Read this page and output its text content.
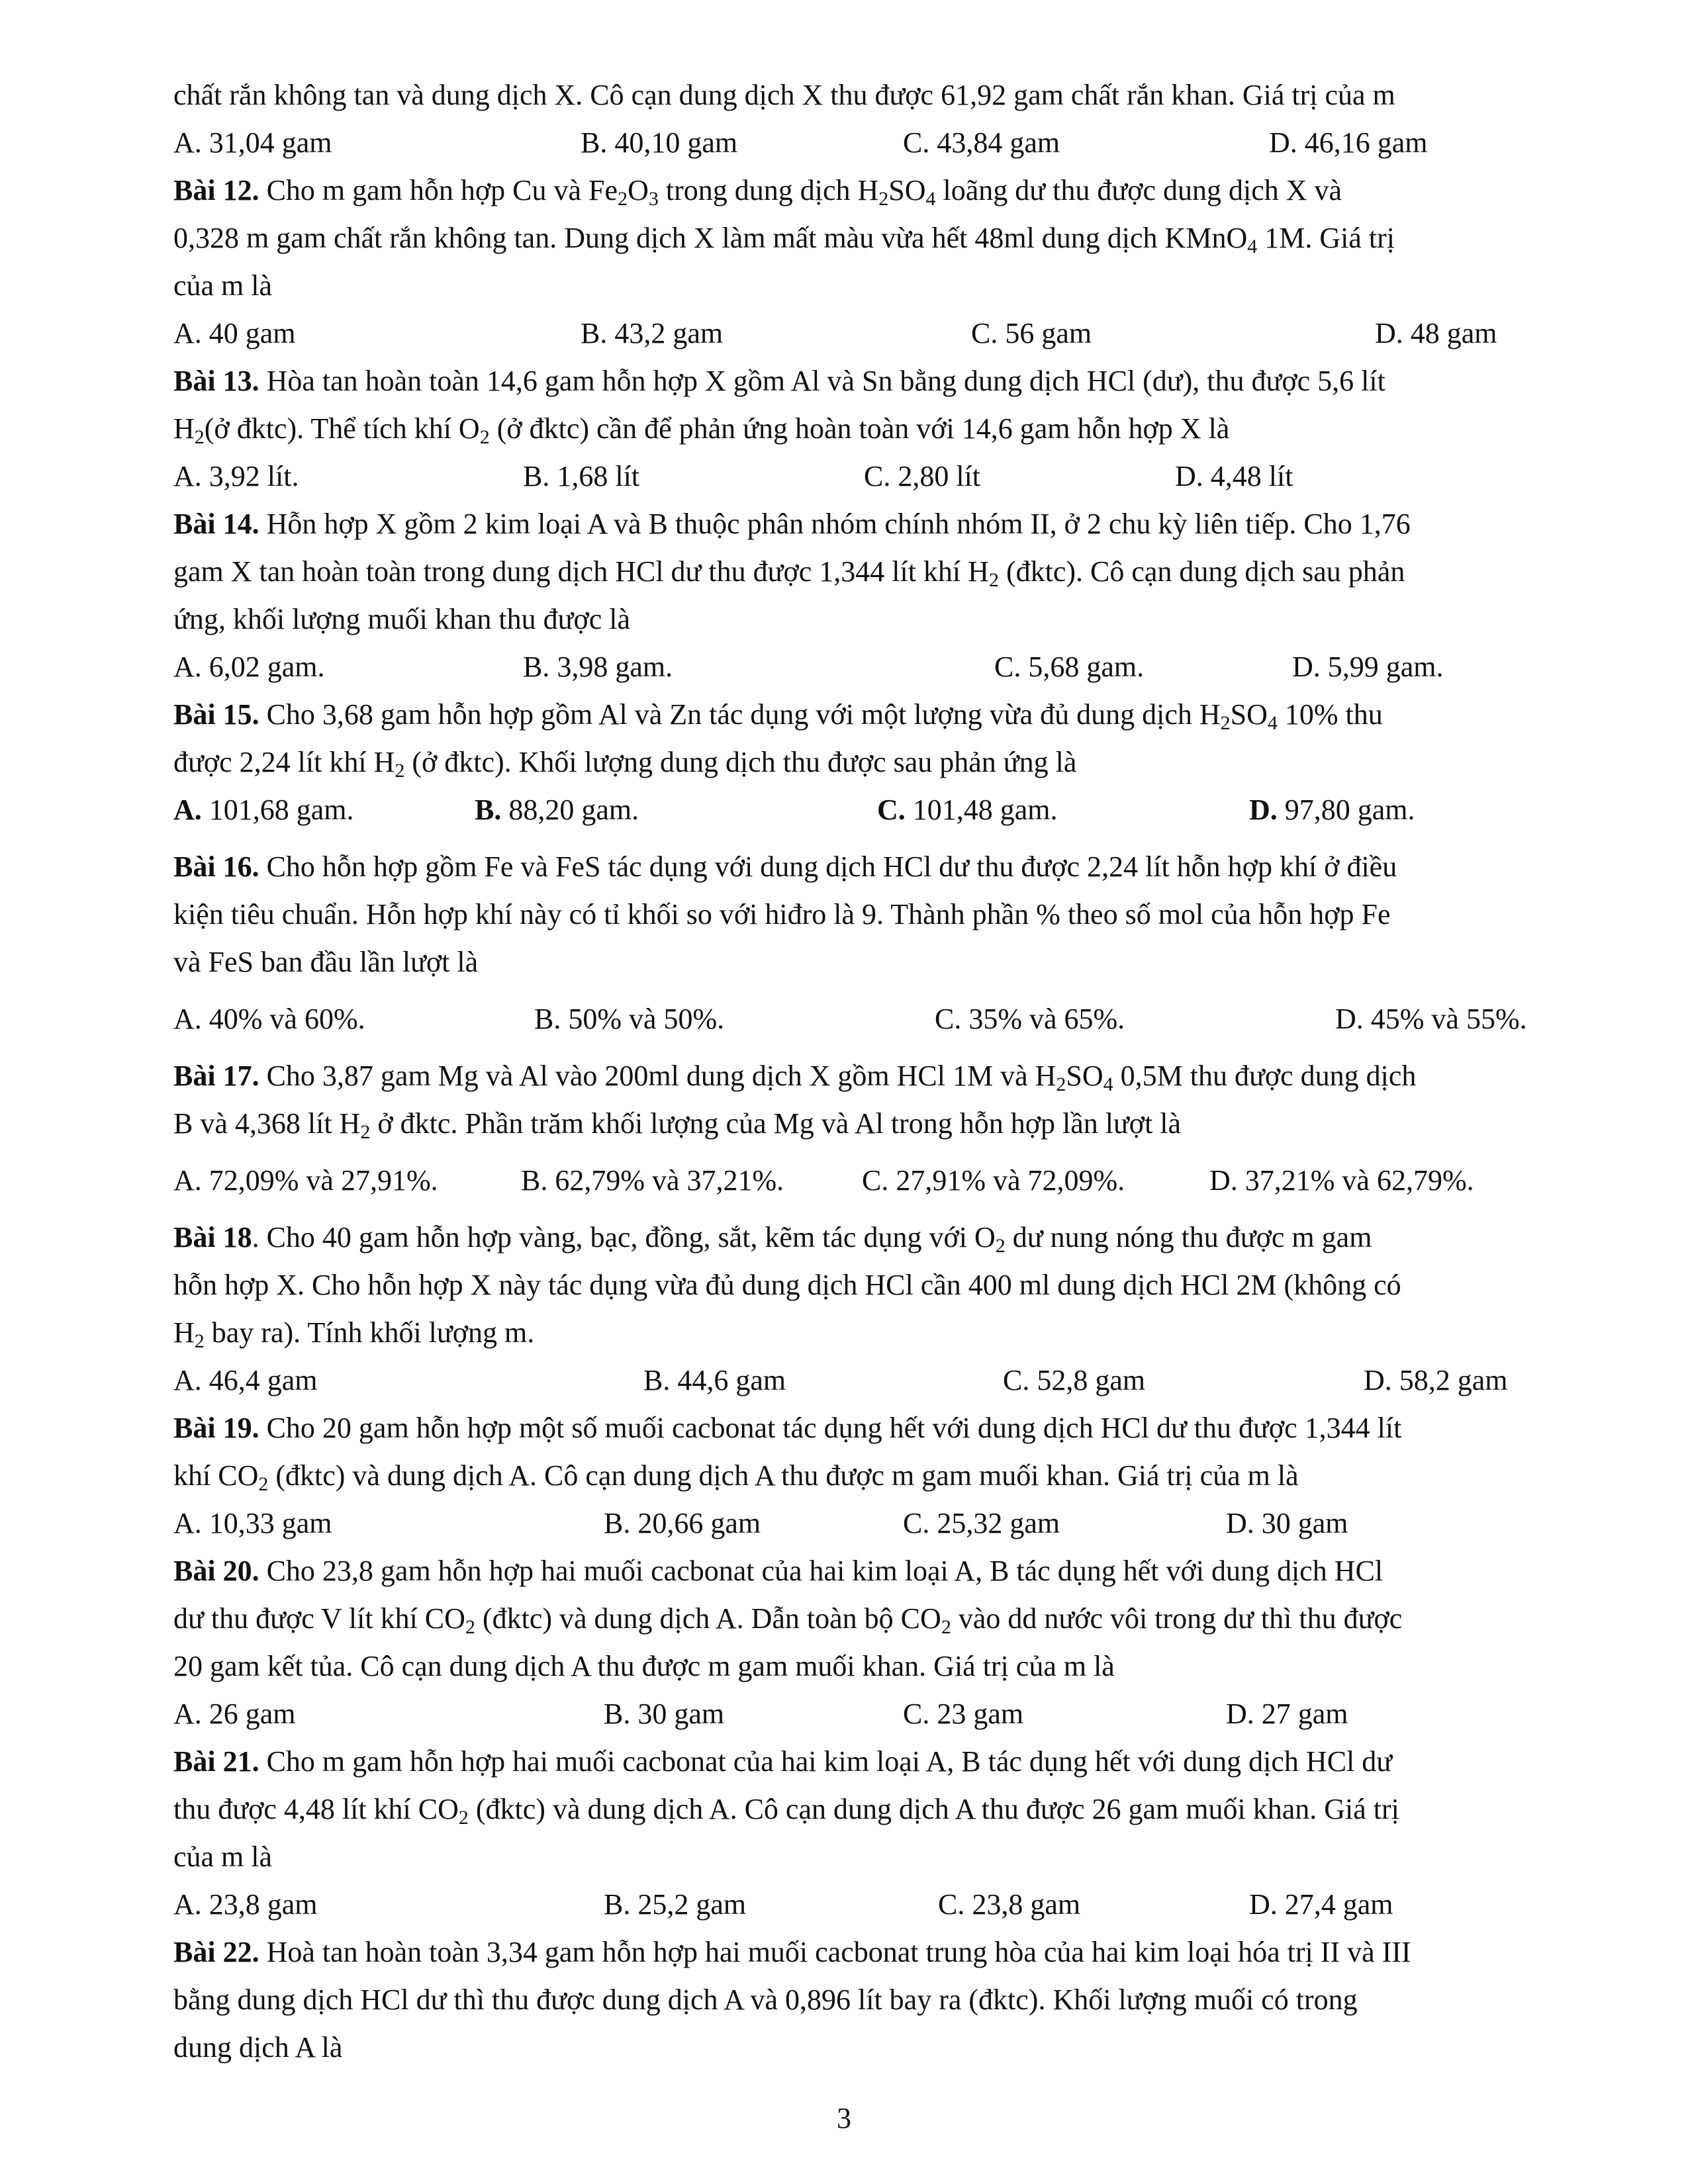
chất rắn không tan và dung dịch X. Cô cạn dung dịch X thu được 61,92 gam chất rắn khan. Giá trị của m

A. 31,04 gam	B. 40,10 gam	C. 43,84 gam	D. 46,16 gam

Bài 12. Cho m gam hỗn hợp Cu và $Fe_2O_3$ trong dung dịch $H_2SO_4$ loãng dư thu được dung dịch X và

0,328 m gam chất rắn không tan. Dung dịch X làm mất màu vừa hết 48ml dung dịch KMnO$_4$ 1M. Giá trị

của m là

A. 40 gam	B. 43,2 gam	C. 56 gam	D. 48 gam

Bài 13. Hòa tan hoàn toàn 14,6 gam hỗn hợp X gồm Al và Sn bằng dung dịch HCl (dư), thu được 5,6 lít

$H_2(ở$ đktc). Thể tích khí $O_2$ (ở đktc) cần để phản ứng hoàn toàn với 14,6 gam hỗn hợp X là

A. 3,92 lít.	B. 1,68 lít	C. 2,80 lít	D. 4,48 lít

Bài 14. Hỗn hợp X gồm 2 kim loại A và B thuộc phân nhóm chính nhóm II, ở 2 chu kỳ liên tiếp. Cho 1,76

gam X tan hoàn toàn trong dung dịch HCl dư thu được 1,344 lít khí $H_2$ (đktc). Cô cạn dung dịch sau phản

ứng, khối lượng muối khan thu được là

A. 6,02 gam.	B. 3,98 gam.	C. 5,68 gam.	D. 5,99 gam.

Bài 15. Cho 3,68 gam hỗn hợp gồm Al và Zn tác dụng với một lượng vừa đủ dung dịch $H_2SO_4$ 10% thu

được 2,24 lít khí $H_2$ (ở đktc). Khối lượng dung dịch thu được sau phản ứng là

A. 101,68 gam.	B. 88,20 gam.	C. 101,48 gam.	D. 97,80 gam.

Bài 16. Cho hỗn hợp gồm Fe và FeS tác dụng với dung dịch HCl dư thu được 2,24 lít hỗn hợp khí ở điều

kiện tiêu chuẩn. Hỗn hợp khí này có tỉ khối so với hiđro là 9. Thành phần % theo số mol của hỗn hợp Fe

và FeS ban đầu lần lượt là

A. 40% và 60%.	B. 50% và 50%.	C. 35% và 65%.	D. 45% và 55%.

Bài 17. Cho 3,87 gam Mg và Al vào 200ml dung dịch X gồm HCl 1M và $H_2SO_4$ 0,5M thu được dung dịch

B và 4,368 lít $H_2$ ở đktc. Phần trăm khối lượng của Mg và Al trong hỗn hợp lần lượt là

A. 72,09% và 27,91%.	B. 62,79% và 37,21%.	C. 27,91% và 72,09%.	D. 37,21% và 62,79%.

Bài 18. Cho 40 gam hỗn hợp vàng, bạc, đồng, sắt, kẽm tác dụng với $O_2$ dư nung nóng thu được m gam

hỗn hợp X. Cho hỗn hợp X này tác dụng vừa đủ dung dịch HCl cần 400 ml dung dịch HCl 2M (không có

$H_2$ bay ra). Tính khối lượng m.

A. 46,4 gam	B. 44,6 gam	C. 52,8 gam	D. 58,2 gam

Bài 19. Cho 20 gam hỗn hợp một số muối cacbonat tác dụng hết với dung dịch HCl dư thu được 1,344 lít

khí $CO_2$ (đktc) và dung dịch A. Cô cạn dung dịch A thu được m gam muối khan. Giá trị của m là

A. 10,33 gam	B. 20,66 gam	C. 25,32 gam	D. 30 gam

Bài 20. Cho 23,8 gam hỗn hợp hai muối cacbonat của hai kim loại A, B tác dụng hết với dung dịch HCl

dư thu được V lít khí $CO_2$ (đktc) và dung dịch A. Dẫn toàn bộ $CO_2$ vào dd nước vôi trong dư thì thu được

20 gam kết tủa. Cô cạn dung dịch A thu được m gam muối khan. Giá trị của m là

A. 26 gam	B. 30 gam	C. 23 gam	D. 27 gam

Bài 21. Cho m gam hỗn hợp hai muối cacbonat của hai kim loại A, B tác dụng hết với dung dịch HCl dư

thu được 4,48 lít khí $CO_2$ (đktc) và dung dịch A. Cô cạn dung dịch A thu được 26 gam muối khan. Giá trị

của m là

A. 23,8 gam	B. 25,2 gam	C. 23,8 gam	D. 27,4 gam

Bài 22. Hoà tan hoàn toàn 3,34 gam hỗn hợp hai muối cacbonat trung hòa của hai kim loại hóa trị II và III

bằng dung dịch HCl dư thì thu được dung dịch A và 0,896 lít bay ra (đktc). Khối lượng muối có trong

dung dịch A là

3
